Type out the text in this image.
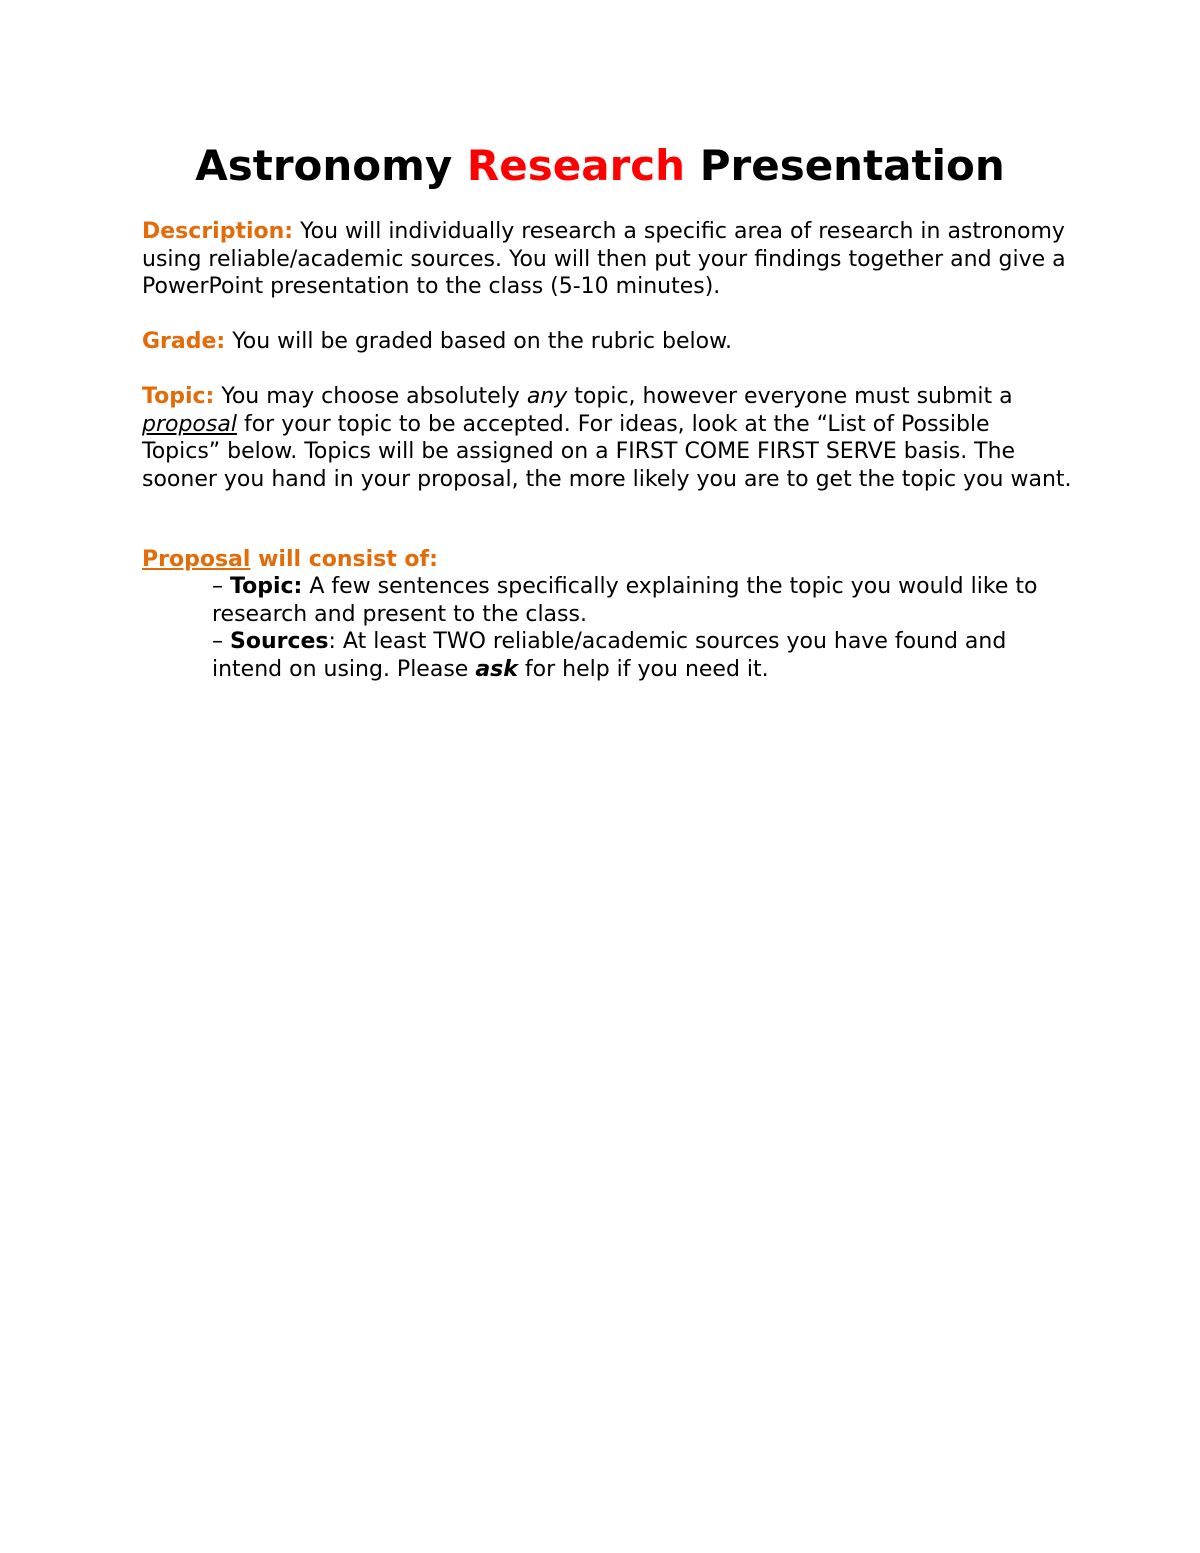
Astronomy Research Presentation

Description: You will individually research a specific area of research in astronomy using reliable/academic sources. You will then put your findings together and give a PowerPoint presentation to the class (5-10 minutes).

Grade: You will be graded based on the rubric below.

Topic: You may choose absolutely any topic, however everyone must submit a proposal for your topic to be accepted. For ideas, look at the “List of Possible Topics” below. Topics will be assigned on a FIRST COME FIRST SERVE basis. The sooner you hand in your proposal, the more likely you are to get the topic you want.

Proposal will consist of:

– Topic: A few sentences specifically explaining the topic you would like to research and present to the class.
– Sources: At least TWO reliable/academic sources you have found and intend on using. Please ask for help if you need it.
